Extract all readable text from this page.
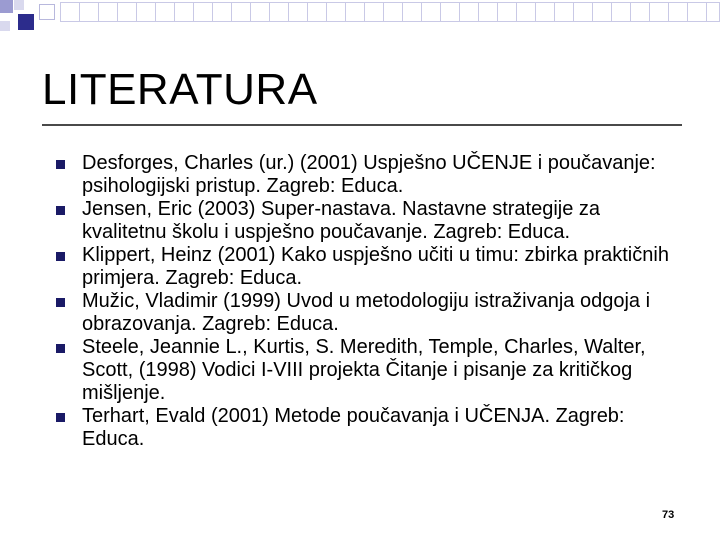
LITERATURA
Desforges, Charles (ur.) (2001) Uspješno UČENJE i poučavanje: psihologijski pristup. Zagreb: Educa.
Jensen, Eric (2003) Super-nastava. Nastavne strategije za kvalitetnu školu i uspješno poučavanje. Zagreb: Educa.
Klippert, Heinz (2001) Kako uspješno učiti u timu: zbirka praktičnih primjera. Zagreb: Educa.
Mužic, Vladimir (1999) Uvod u metodologiju istraživanja odgoja i obrazovanja. Zagreb: Educa.
Steele, Jeannie L., Kurtis, S. Meredith, Temple, Charles, Walter, Scott, (1998) Vodici I-VIII projekta Čitanje i pisanje za kritičkog mišljenje.
Terhart, Evald (2001) Metode poučavanja i UČENJA. Zagreb: Educa.
73
